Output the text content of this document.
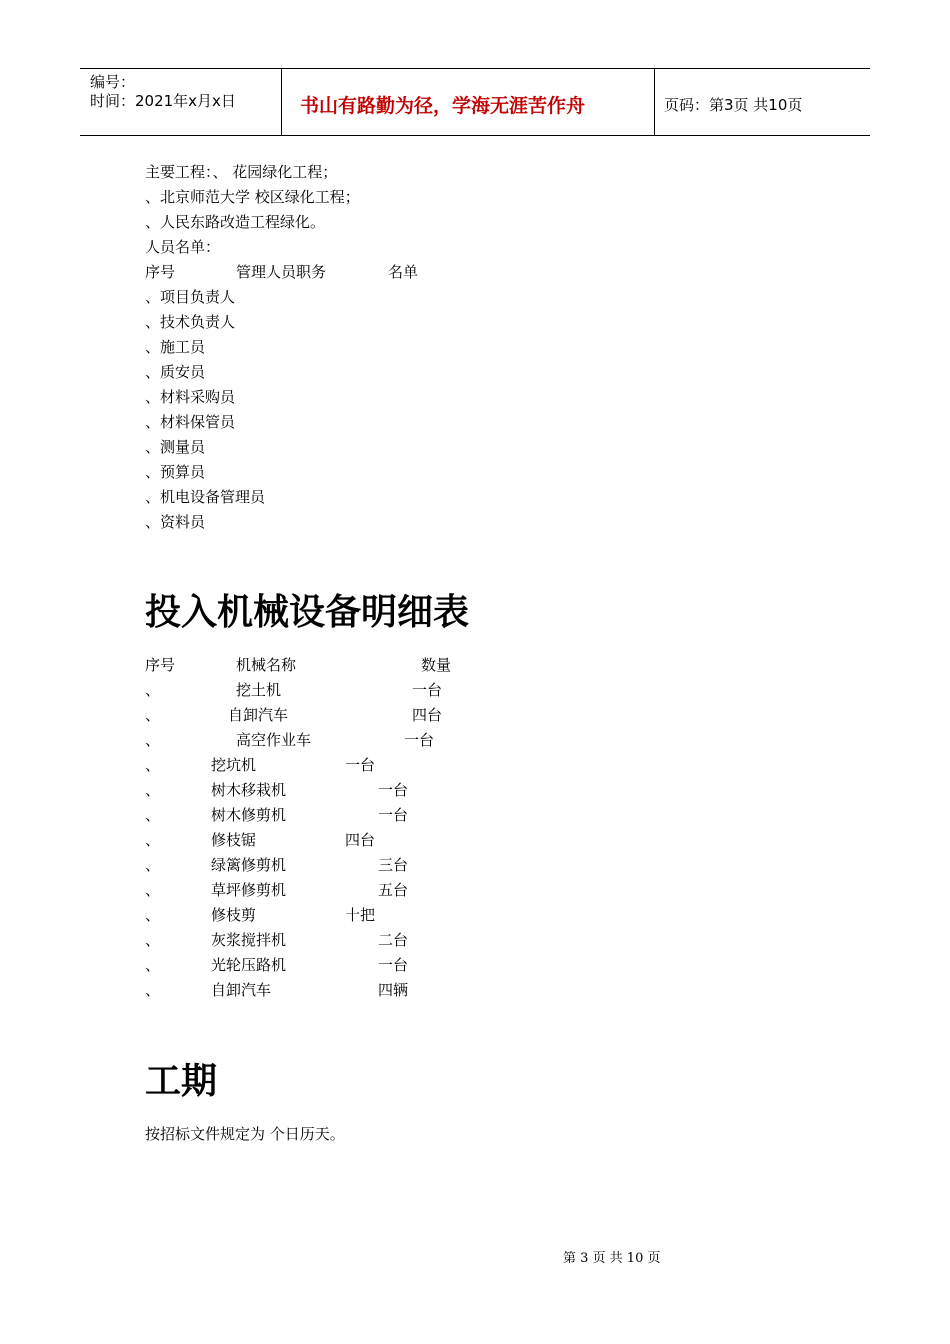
编号：
时间：2021年x月x日	书山有路勤为径，学海无涯苦作舟	页码：第3页 共10页
主要工程：、 花园绿化工程；
、北京师范大学 校区绿化工程；
、人民东路改造工程绿化。
人员名单：
序号	管理人员职务	名单
、项目负责人
、技术负责人
、施工员
、质安员
、材料采购员
、材料保管员
、测量员
、预算员
、机电设备管理员
、资料员
投入机械设备明细表
序号	机械名称	数量
、	挖土机	一台
、	自卸汽车	四台
、	高空作业车	一台
、	挖坑机	一台
、	树木移栽机	一台
、	树木修剪机	一台
、	修枝锯	四台
、	绿篱修剪机	三台
、	草坪修剪机	五台
、	修枝剪	十把
、	灰浆搅拌机	二台
、	光轮压路机	一台
、	自卸汽车	四辆
工期
按招标文件规定为 个日历天。
第 3 页 共 10 页
